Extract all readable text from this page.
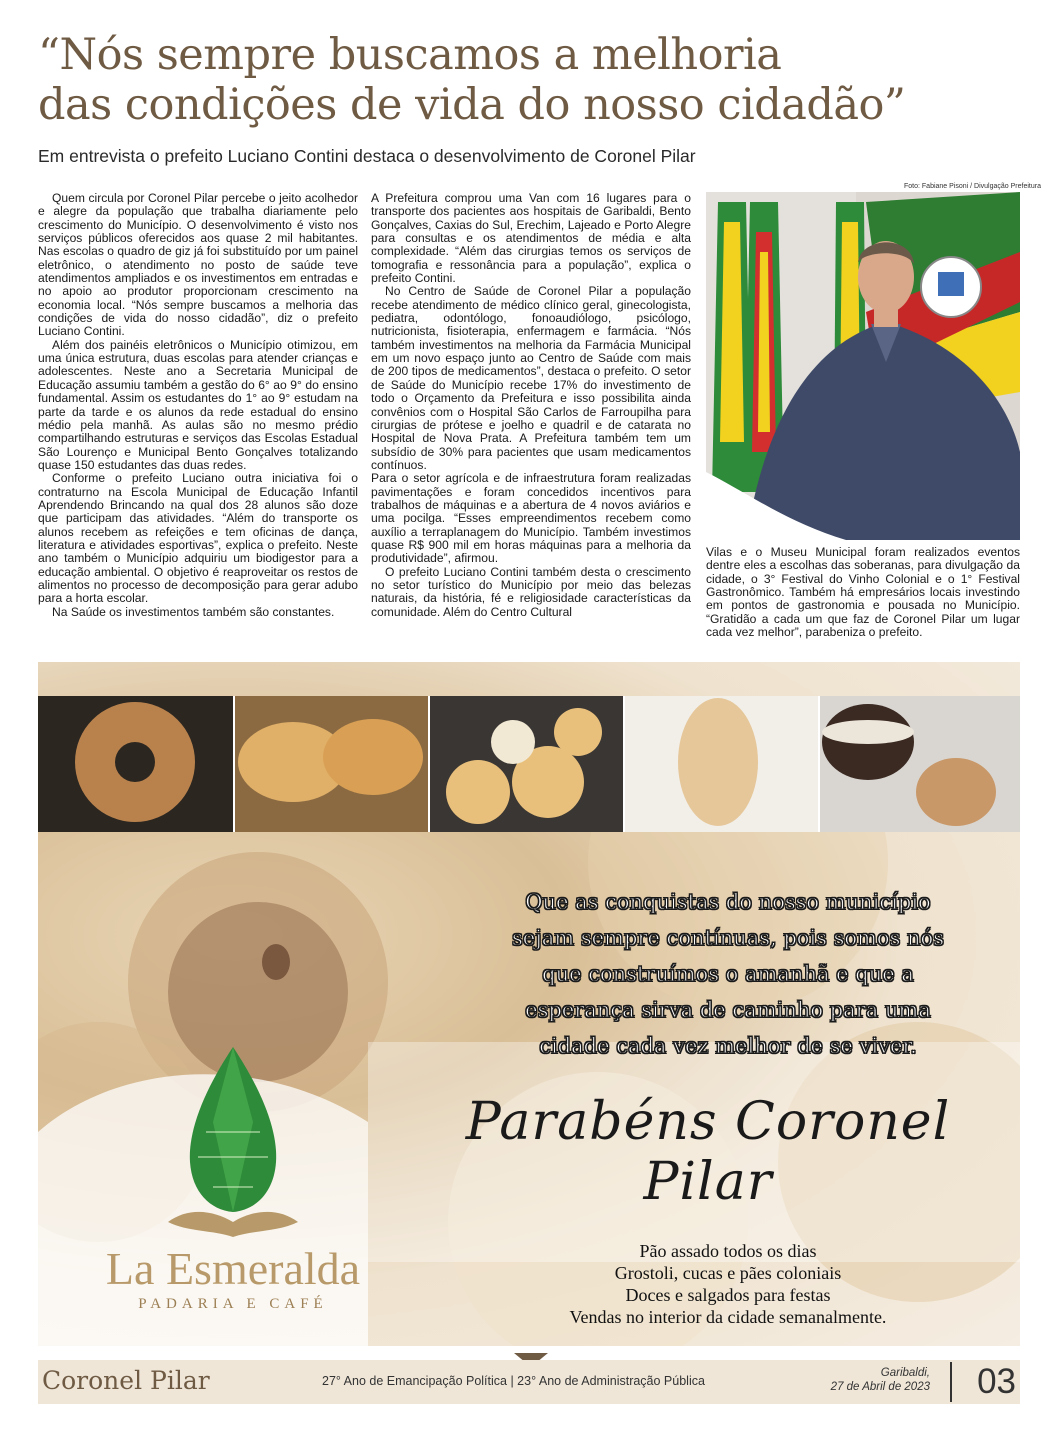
“Nós sempre buscamos a melhoria
das condições de vida do nosso cidadão”
Em entrevista o prefeito Luciano Contini destaca o desenvolvimento de Coronel Pilar

Quem circula por Coronel Pilar percebe o jeito acolhedor e alegre da população que trabalha diariamente pelo crescimento do Município. O desenvolvimento é visto nos serviços públicos oferecidos aos quase 2 mil habitantes. Nas escolas o quadro de giz já foi substituído por um painel eletrônico, o atendimento no posto de saúde teve atendimentos ampliados e os investimentos em entradas e no apoio ao produtor proporcionam crescimento na economia local. “Nós sempre buscamos a melhoria das condições de vida do nosso cidadão”, diz o prefeito Luciano Contini.

Além dos painéis eletrônicos o Município otimizou, em uma única estrutura, duas escolas para atender crianças e adolescentes. Neste ano a Secretaria Municipal de Educação assumiu também a gestão do 6° ao 9° do ensino fundamental. Assim os estudantes do 1° ao 9° estudam na parte da tarde e os alunos da rede estadual do ensino médio pela manhã. As aulas são no mesmo prédio compartilhando estruturas e serviços das Escolas Estadual São Lourenço e Municipal Bento Gonçalves totalizando quase 150 estudantes das duas redes.

Conforme o prefeito Luciano outra iniciativa foi o contraturno na Escola Municipal de Educação Infantil Aprendendo Brincando na qual dos 28 alunos são doze que participam das atividades. “Além do transporte os alunos recebem as refeições e tem oficinas de dança, literatura e atividades esportivas”, explica o prefeito. Neste ano também o Município adquiriu um biodigestor para a educação ambiental. O objetivo é reaproveitar os restos de alimentos no processo de decomposição para gerar adubo para a horta escolar.

Na Saúde os investimentos também são constantes.

A Prefeitura comprou uma Van com 16 lugares para o transporte dos pacientes aos hospitais de Garibaldi, Bento Gonçalves, Caxias do Sul, Erechim, Lajeado e Porto Alegre para consultas e os atendimentos de média e alta complexidade. “Além das cirurgias temos os serviços de tomografia e ressonância para a população”, explica o prefeito Contini.

No Centro de Saúde de Coronel Pilar a população recebe atendimento de médico clínico geral, ginecologista, pediatra, odontólogo, fonoaudiólogo, psicólogo, nutricionista, fisioterapia, enfermagem e farmácia. “Nós também investimentos na melhoria da Farmácia Municipal em um novo espaço junto ao Centro de Saúde com mais de 200 tipos de medicamentos”, destaca o prefeito. O setor de Saúde do Município recebe 17% do investimento de todo o Orçamento da Prefeitura e isso possibilita ainda convênios com o Hospital São Carlos de Farroupilha para cirurgias de prótese e joelho e quadril e de catarata no Hospital de Nova Prata. A Prefeitura também tem um subsídio de 30% para pacientes que usam medicamentos contínuos.

Para o setor agrícola e de infraestrutura foram realizadas pavimentações e foram concedidos incentivos para trabalhos de máquinas e a abertura de 4 novos aviários e uma pocilga. “Esses empreendimentos recebem como auxílio a terraplanagem do Município. Também investimos quase R$ 900 mil em horas máquinas para a melhoria da produtividade”, afirmou.

O prefeito Luciano Contini também desta o crescimento no setor turístico do Município por meio das belezas naturais, da história, fé e religiosidade características da comunidade. Além do Centro Cultural

Foto: Fabiane Pisoni / Divulgação Prefeitura

Vilas e o Museu Municipal foram realizados eventos dentre eles a escolhas das soberanas, para divulgação da cidade, o 3° Festival do Vinho Colonial e o 1° Festival Gastronômico. Também há empresários locais investindo em pontos de gastronomia e pousada no Município. “Gratidão a cada um que faz de Coronel Pilar um lugar cada vez melhor”, parabeniza o prefeito.

Que as conquistas do nosso município
sejam sempre contínuas, pois somos nós
que construímos o amanhã e que a
esperança sirva de caminho para uma
cidade cada vez melhor de se viver.
Parabéns Coronel Pilar
La Esmeralda
PADARIA E CAFÉ
Pão assado todos os dias
Grostoli, cucas e pães coloniais
Doces e salgados para festas
Vendas no interior da cidade semanalmente.
Coronel Pilar	27° Ano de Emancipação Política | 23° Ano de Administração Pública
Garibaldi,
27 de Abril de 2023 03
